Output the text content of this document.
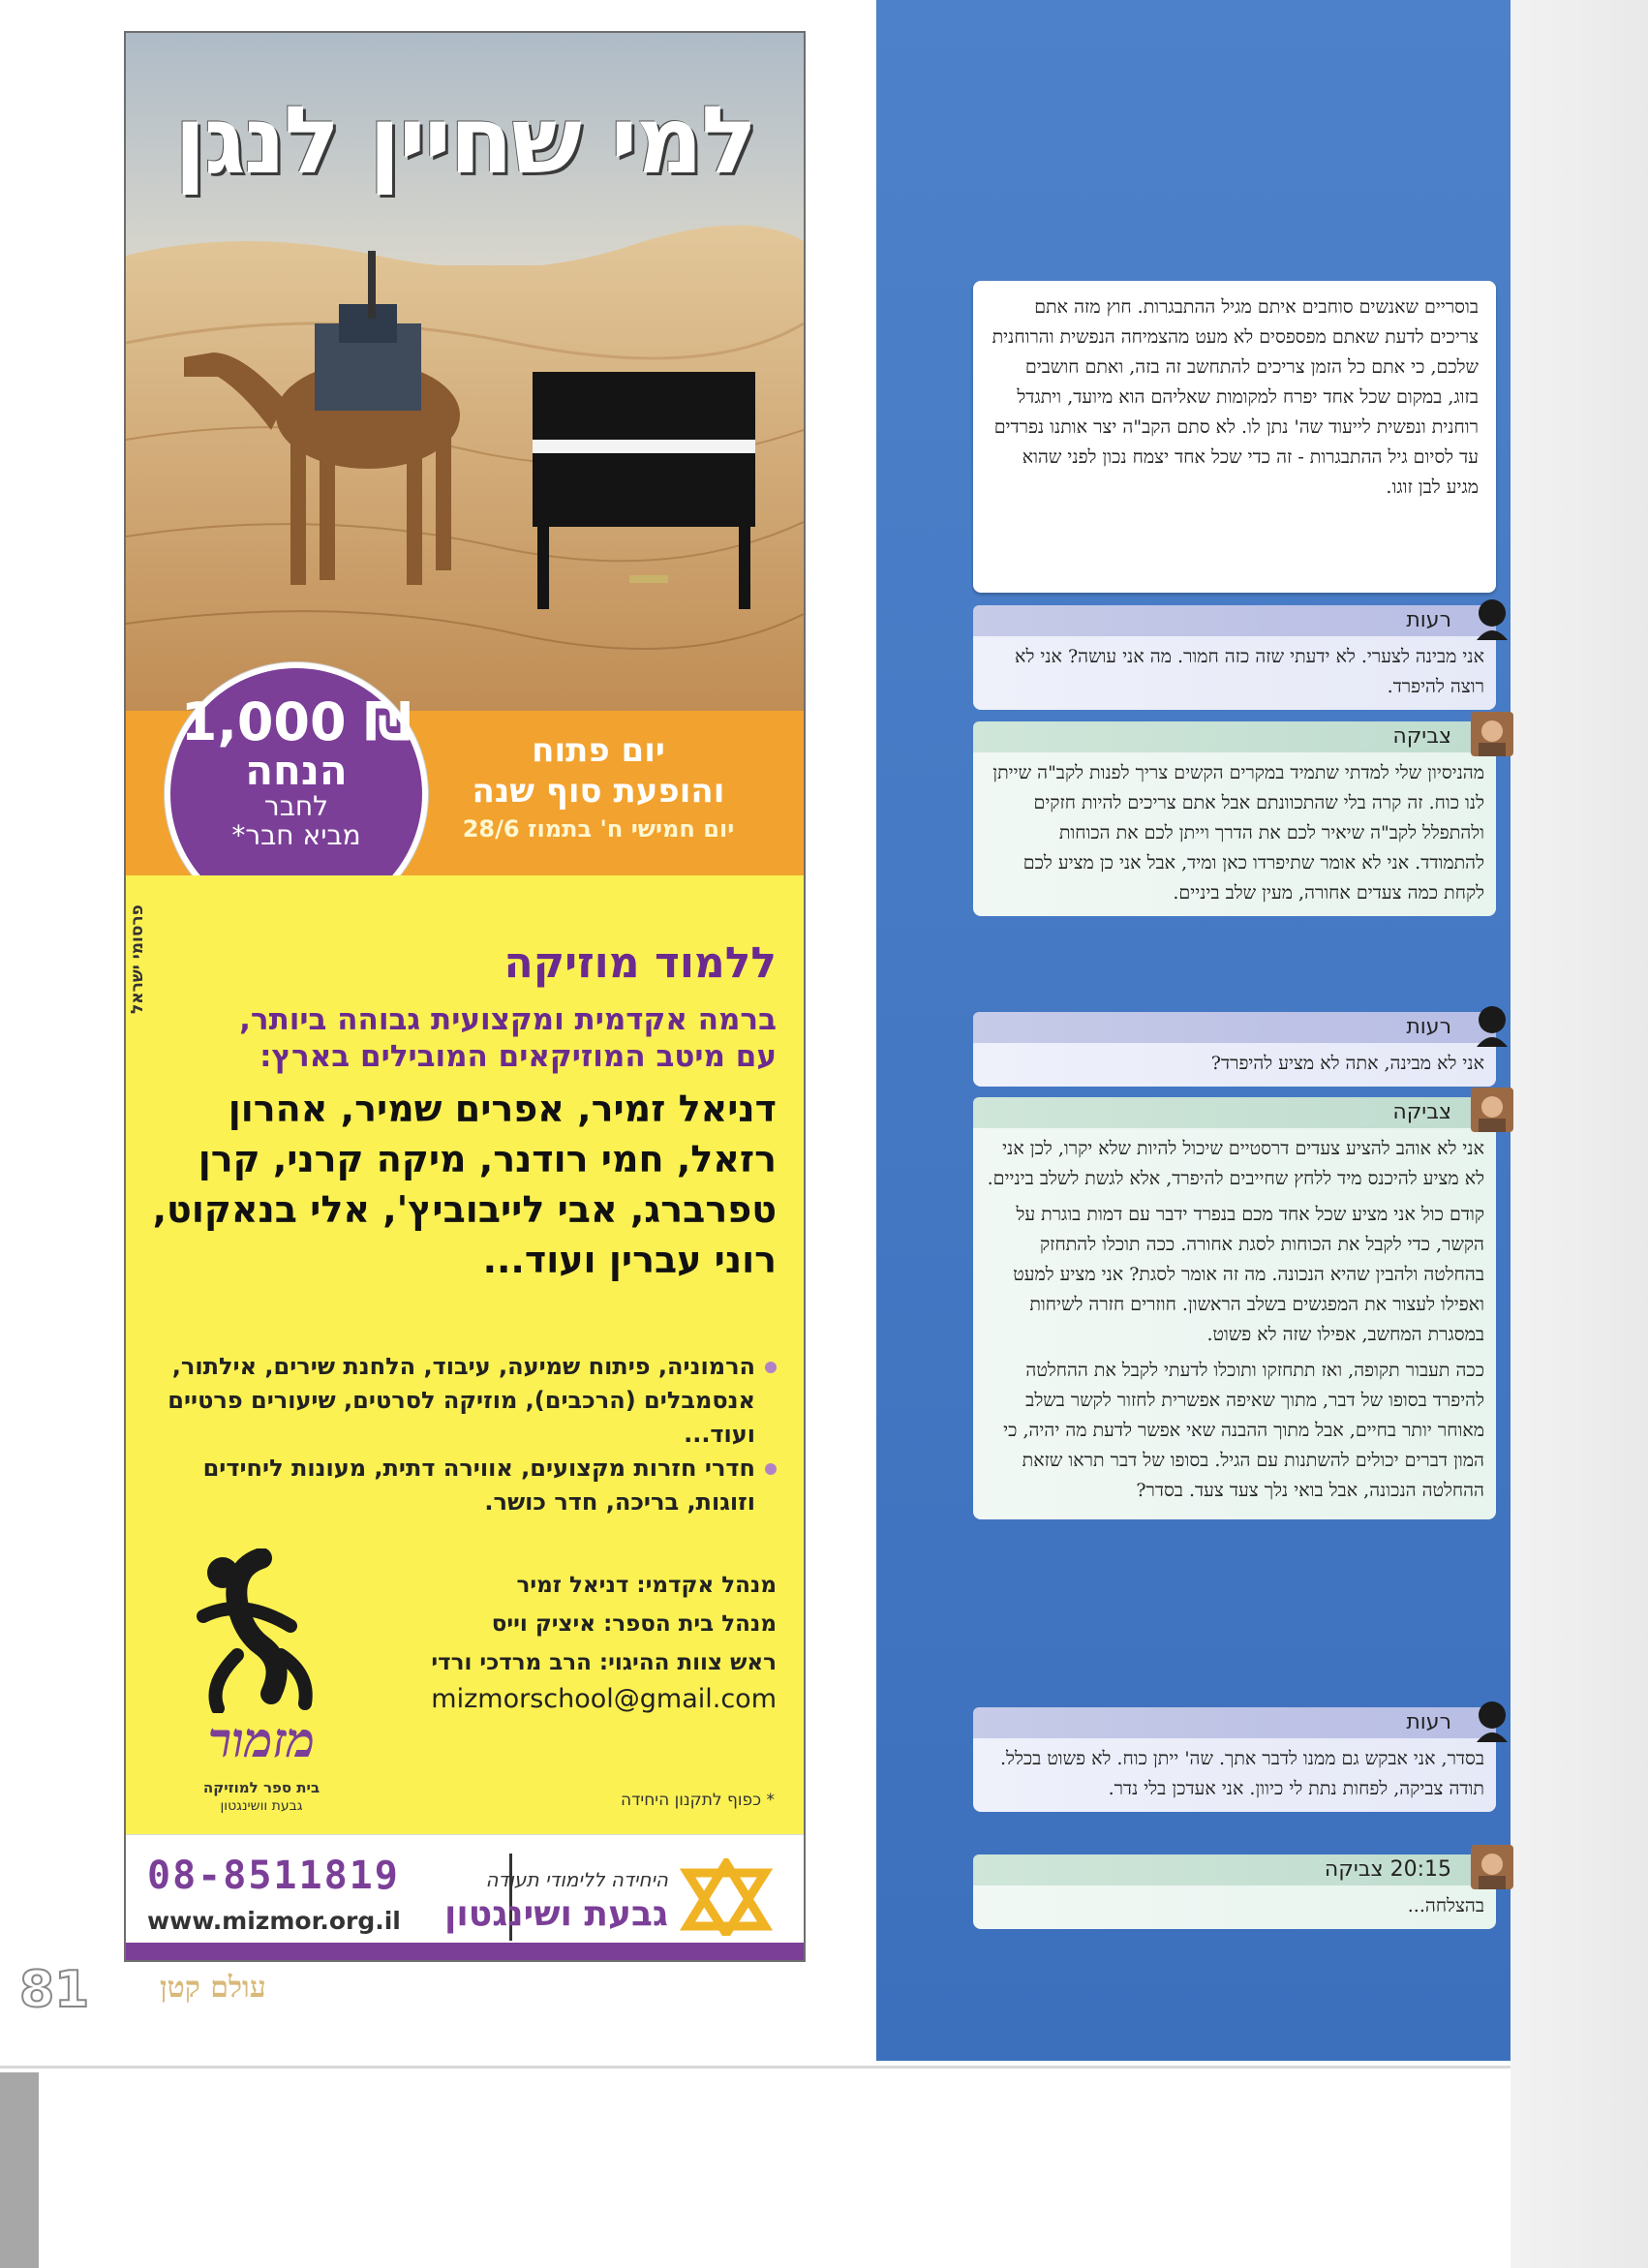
למי שחיין לנגן
יום פתוח
והופעת סוף שנה
יום חמישי ח' בתמוז 28/6
₪ 1,000
הנחה
לחבר
מביא חבר*
פרסומי ישראל	ללמוד מוזיקה
ברמה אקדמית ומקצועית גבוהה ביותר,
עם מיטב המוזיקאים המובילים בארץ:
דניאל זמיר, אפרים שמיר, אהרון רזאל, חמי רודנר, מיקה קרני, קרן טפרברג, אבי לייבוביץ', אלי בנאקוט, רוני עברין ועוד...
הרמוניה, פיתוח שמיעה, עיבוד, הלחנת שירים, אילתור, אנסמבלים (הרכבים), מוזיקה לסרטים, שיעורים פרטיים ועוד...
חדרי חזרות מקצועים, אווירה דתית, מעונות ליחידים וזוגות, בריכה, חדר כושר.
מנהל אקדמי: דניאל זמיר
מנהל בית הספר: איציק וייס
ראש צוות ההיגוי: הרב מרדכי ורדי
mizmorschool@gmail.com
* כפוף לתקנון היחידה
מזמור
בית ספר למוזיקה
גבעת וושינגטון
08-8511819
www.mizmor.org.il
היחידה ללימודי תעודה
גבעת ושינגטון
81 עולם קטן
בוסריים שאנשים סוחבים איתם מגיל ההתבגרות. חוץ מזה אתם צריכים לדעת שאתם מפספסים לא מעט מהצמיחה הנפשית והרוחנית שלכם, כי אתם כל הזמן צריכים להתחשב זה בזה, ואתם חושבים בזוג, במקום שכל אחד יפרח למקומות שאליהם הוא מיועד, ויתגדל רוחנית ונפשית לייעוד שה' נתן לו. לא סתם הקב"ה יצר אותנו נפרדים עד לסיום גיל ההתבגרות - זה כדי שכל אחד יצמח נכון לפני שהוא מגיע לבן זוגו.
רעות
אני מבינה לצערי. לא ידעתי שזה כזה חמור. מה אני עושה? אני לא רוצה להיפרד.
צביקה
מהניסיון שלי למדתי שתמיד במקרים הקשים צריך לפנות לקב"ה שייתן לנו כוח. זה קרה בלי שהתכוונתם אבל אתם צריכים להיות חזקים ולהתפלל לקב"ה שיאיר לכם את הדרך וייתן לכם את הכוחות להתמודד. אני לא אומר שתיפרדו כאן ומיד, אבל אני כן מציע לכם לקחת כמה צעדים אחורה, מעין שלב ביניים.
רעות
אני לא מבינה, אתה לא מציע להיפרד?
צביקה
אני לא אוהב להציע צעדים דרסטיים שיכול להיות שלא יקרו, לכן אני לא מציע להיכנס מיד ללחץ שחייבים להיפרד, אלא לגשת לשלב ביניים.
קודם כול אני מציע שכל אחד מכם בנפרד ידבר עם דמות בוגרת על הקשר, כדי לקבל את הכוחות לסגת אחורה. ככה תוכלו להתחזק בהחלטה ולהבין שהיא הנכונה. מה זה אומר לסגת? אני מציע למעט ואפילו לעצור את המפגשים בשלב הראשון. חוזרים חזרה לשיחות במסגרת המחשב, אפילו שזה לא פשוט.
ככה תעבור תקופה, ואז תתחזקו ותוכלו לדעתי לקבל את ההחלטה להיפרד בסופו של דבר, מתוך שאיפה אפשרית לחזור לקשר בשלב מאוחר יותר בחיים, אבל מתוך ההבנה שאי אפשר לדעת מה יהיה, כי המון דברים יכולים להשתנות עם הגיל. בסופו של דבר תראו שזאת ההחלטה הנכונה, אבל בואי נלך צעד צעד. בסדר?
רעות
בסדר, אני אבקש גם ממנו לדבר אתך. שה' ייתן כוח. לא פשוט בכלל. תודה צביקה, לפחות נתת לי כיוון. אני אעדכן בלי נדר.
20:15 צביקה
בהצלחה...
